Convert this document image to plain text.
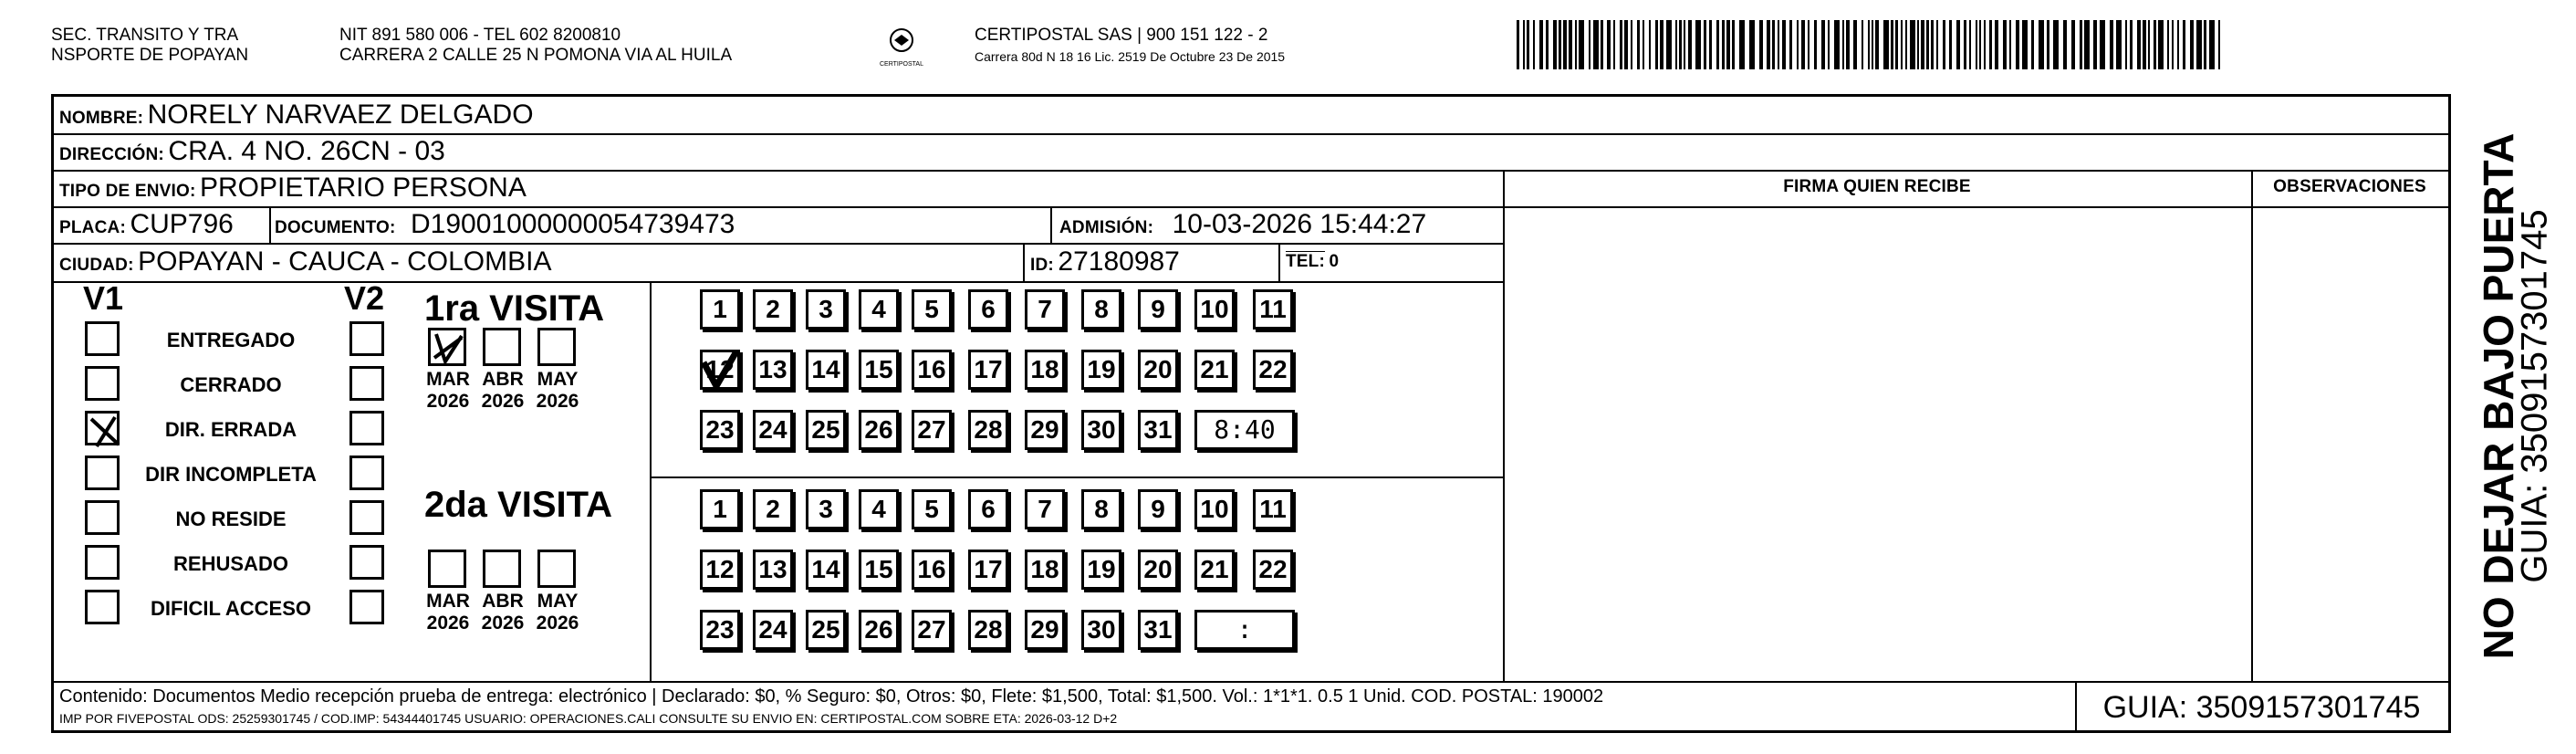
SEC. TRANSITO Y TRA
NSPORTE DE POPAYAN
NIT 891 580 006 - TEL 602 8200810
CARRERA 2 CALLE 25 N POMONA VIA AL HUILA	CERTIPOSTAL
CERTIPOSTAL SAS | 900 151 122 - 2
Carrera 80d N 18 16 Lic. 2519 De Octubre 23 De 2015
NOMBRE: NORELY NARVAEZ DELGADO
DIRECCIÓN: CRA. 4 NO. 26CN - 03
TIPO DE ENVIO: PROPIETARIO PERSONA	FIRMA QUIEN RECIBE	OBSERVACIONES
PLACA: CUP796 DOCUMENTO: D19001000000054739473	ADMISIÓN: 10-03-2026 15:44:27
CIUDAD: POPAYAN - CAUCA - COLOMBIA	ID: 27180987	TEL: 0
V1	V2
ENTREGADO
CERRADO
DIR. ERRADA
DIR INCOMPLETA
NO RESIDE
REHUSADO
DIFICIL ACCESO
1ra VISITA
2da VISITA
MAR
2026
ABR
2026
MAY
2026
MAR
2026
ABR
2026
MAY
2026
1	2	3	4	5	6	7	8	9	10 11
12 13 14 15 16 17 18 19 20 21 22
23 24 25 26 27 28 29 30 31	8:40
1	2	3	4	5	6	7	8	9	10 11
12 13 14 15 16 17 18 19 20 21 22
23 24 25 26 27 28 29 30 31	:
Contenido: Documentos Medio recepción prueba de entrega: electrónico | Declarado: $0, % Seguro: $0, Otros: $0, Flete: $1,500, Total: $1,500. Vol.: 1*1*1. 0.5 1 Unid. COD. POSTAL: 190002
IMP POR FIVEPOSTAL ODS: 25259301745 / COD.IMP: 54344401745 USUARIO: OPERACIONES.CALI CONSULTE SU ENVIO EN: CERTIPOSTAL.COM SOBRE ETA: 2026-03-12 D+2	GUIA: 3509157301745
NO DEJAR BAJO PUERTA
GUIA: 3509157301745
